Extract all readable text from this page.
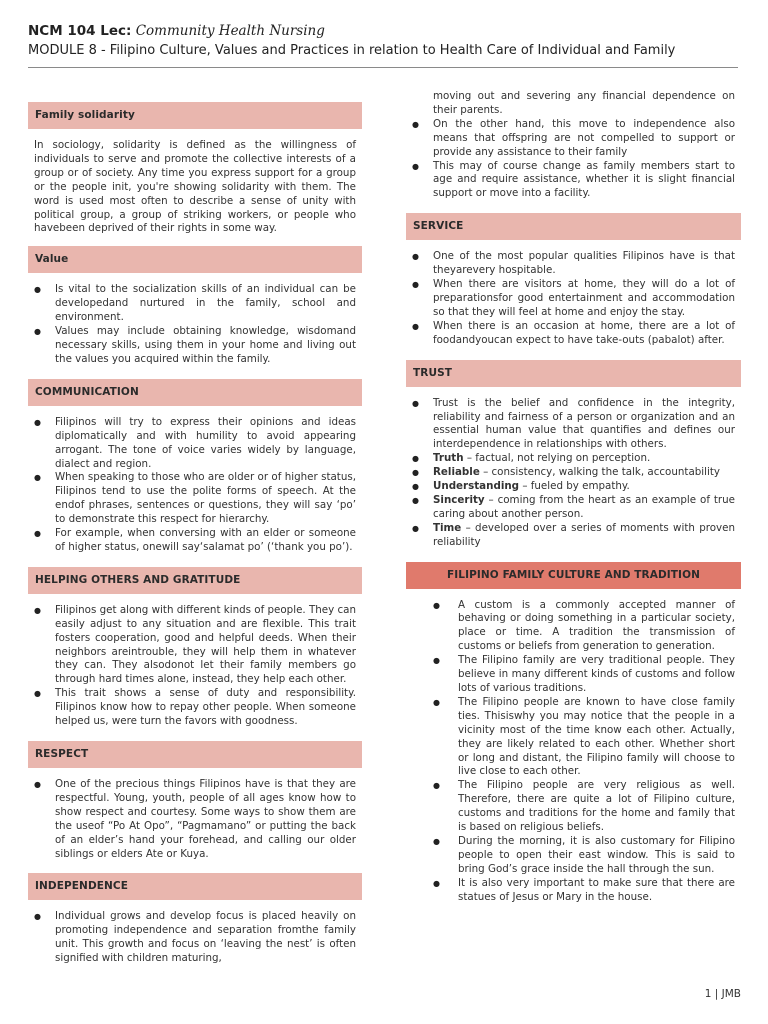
NCM 104 Lec: Community Health Nursing
MODULE 8 - Filipino Culture, Values and Practices in relation to Health Care of Individual and Family
Family solidarity

In sociology, solidarity is defined as the willingness of individuals to serve and promote the collective interests of a group or of society. Any time you express support for a group or the people init, you're showing solidarity with them. The word is used most often to describe a sense of unity with political group, a group of striking workers, or people who havebeen deprived of their rights in some way.

Value
● Is vital to the socialization skills of an individual can be developedand nurtured in the family, school and environment.
● Values may include obtaining knowledge, wisdomand necessary skills, using them in your home and living out the values you acquired within the family.
COMMUNICATION
● Filipinos will try to express their opinions and ideas diplomatically and with humility to avoid appearing arrogant. The tone of voice varies widely by language, dialect and region.
● When speaking to those who are older or of higher status, Filipinos tend to use the polite forms of speech. At the endof phrases, sentences or questions, they will say ‘po’ to demonstrate this respect for hierarchy.
● For example, when conversing with an elder or someone of higher status, onewill say‘salamat po’ (‘thank you po’).
HELPING OTHERS AND GRATITUDE
● Filipinos get along with different kinds of people. They can easily adjust to any situation and are flexible. This trait fosters cooperation, good and helpful deeds. When their neighbors areintrouble, they will help them in whatever they can. They alsodonot let their family members go through hard times alone, instead, they help each other.
● This trait shows a sense of duty and responsibility. Filipinos know how to repay other people. When someone helped us, were turn the favors with goodness.
RESPECT
● One of the precious things Filipinos have is that they are respectful. Young, youth, people of all ages know how to show respect and courtesy. Some ways to show them are the useof “Po At Opo”, “Pagmamano” or putting the back of an elder’s hand your forehead, and calling our older siblings or elders Ate or Kuya.
INDEPENDENCE
● Individual grows and develop focus is placed heavily on promoting independence and separation fromthe family unit. This growth and focus on ‘leaving the nest’ is often signified with children maturing,

moving out and severing any financial dependence on their parents.

● On the other hand, this move to independence also means that offspring are not compelled to support or provide any assistance to their family
● This may of course change as family members start to age and require assistance, whether it is slight financial support or move into a facility.
SERVICE
● One of the most popular qualities Filipinos have is that theyarevery hospitable.
● When there are visitors at home, they will do a lot of preparationsfor good entertainment and accommodation so that they will feel at home and enjoy the stay.
● When there is an occasion at home, there are a lot of foodandyoucan expect to have take-outs (pabalot) after.
TRUST
● Trust is the belief and confidence in the integrity, reliability and fairness of a person or organization and an essential human value that quantifies and defines our interdependence in relationships with others.
● Truth – factual, not relying on perception.
● Reliable – consistency, walking the talk, accountability
● Understanding – fueled by empathy.
● Sincerity – coming from the heart as an example of true caring about another person.
● Time – developed over a series of moments with proven reliability
FILIPINO FAMILY CULTURE AND TRADITION
● A custom is a commonly accepted manner of behaving or doing something in a particular society, place or time. A tradition the transmission of customs or beliefs from generation to generation.
● The Filipino family are very traditional people. They believe in many different kinds of customs and follow lots of various traditions.
● The Filipino people are known to have close family ties. Thisiswhy you may notice that the people in a vicinity most of the time know each other. Actually, they are likely related to each other. Whether short or long and distant, the Filipino family will choose to live close to each other.
● The Filipino people are very religious as well. Therefore, there are quite a lot of Filipino culture, customs and traditions for the home and family that is based on religious beliefs.
● During the morning, it is also customary for Filipino people to open their east window. This is said to bring God’s grace inside the hall through the sun.
● It is also very important to make sure that there are statues of Jesus or Mary in the house.
1 | JMB
